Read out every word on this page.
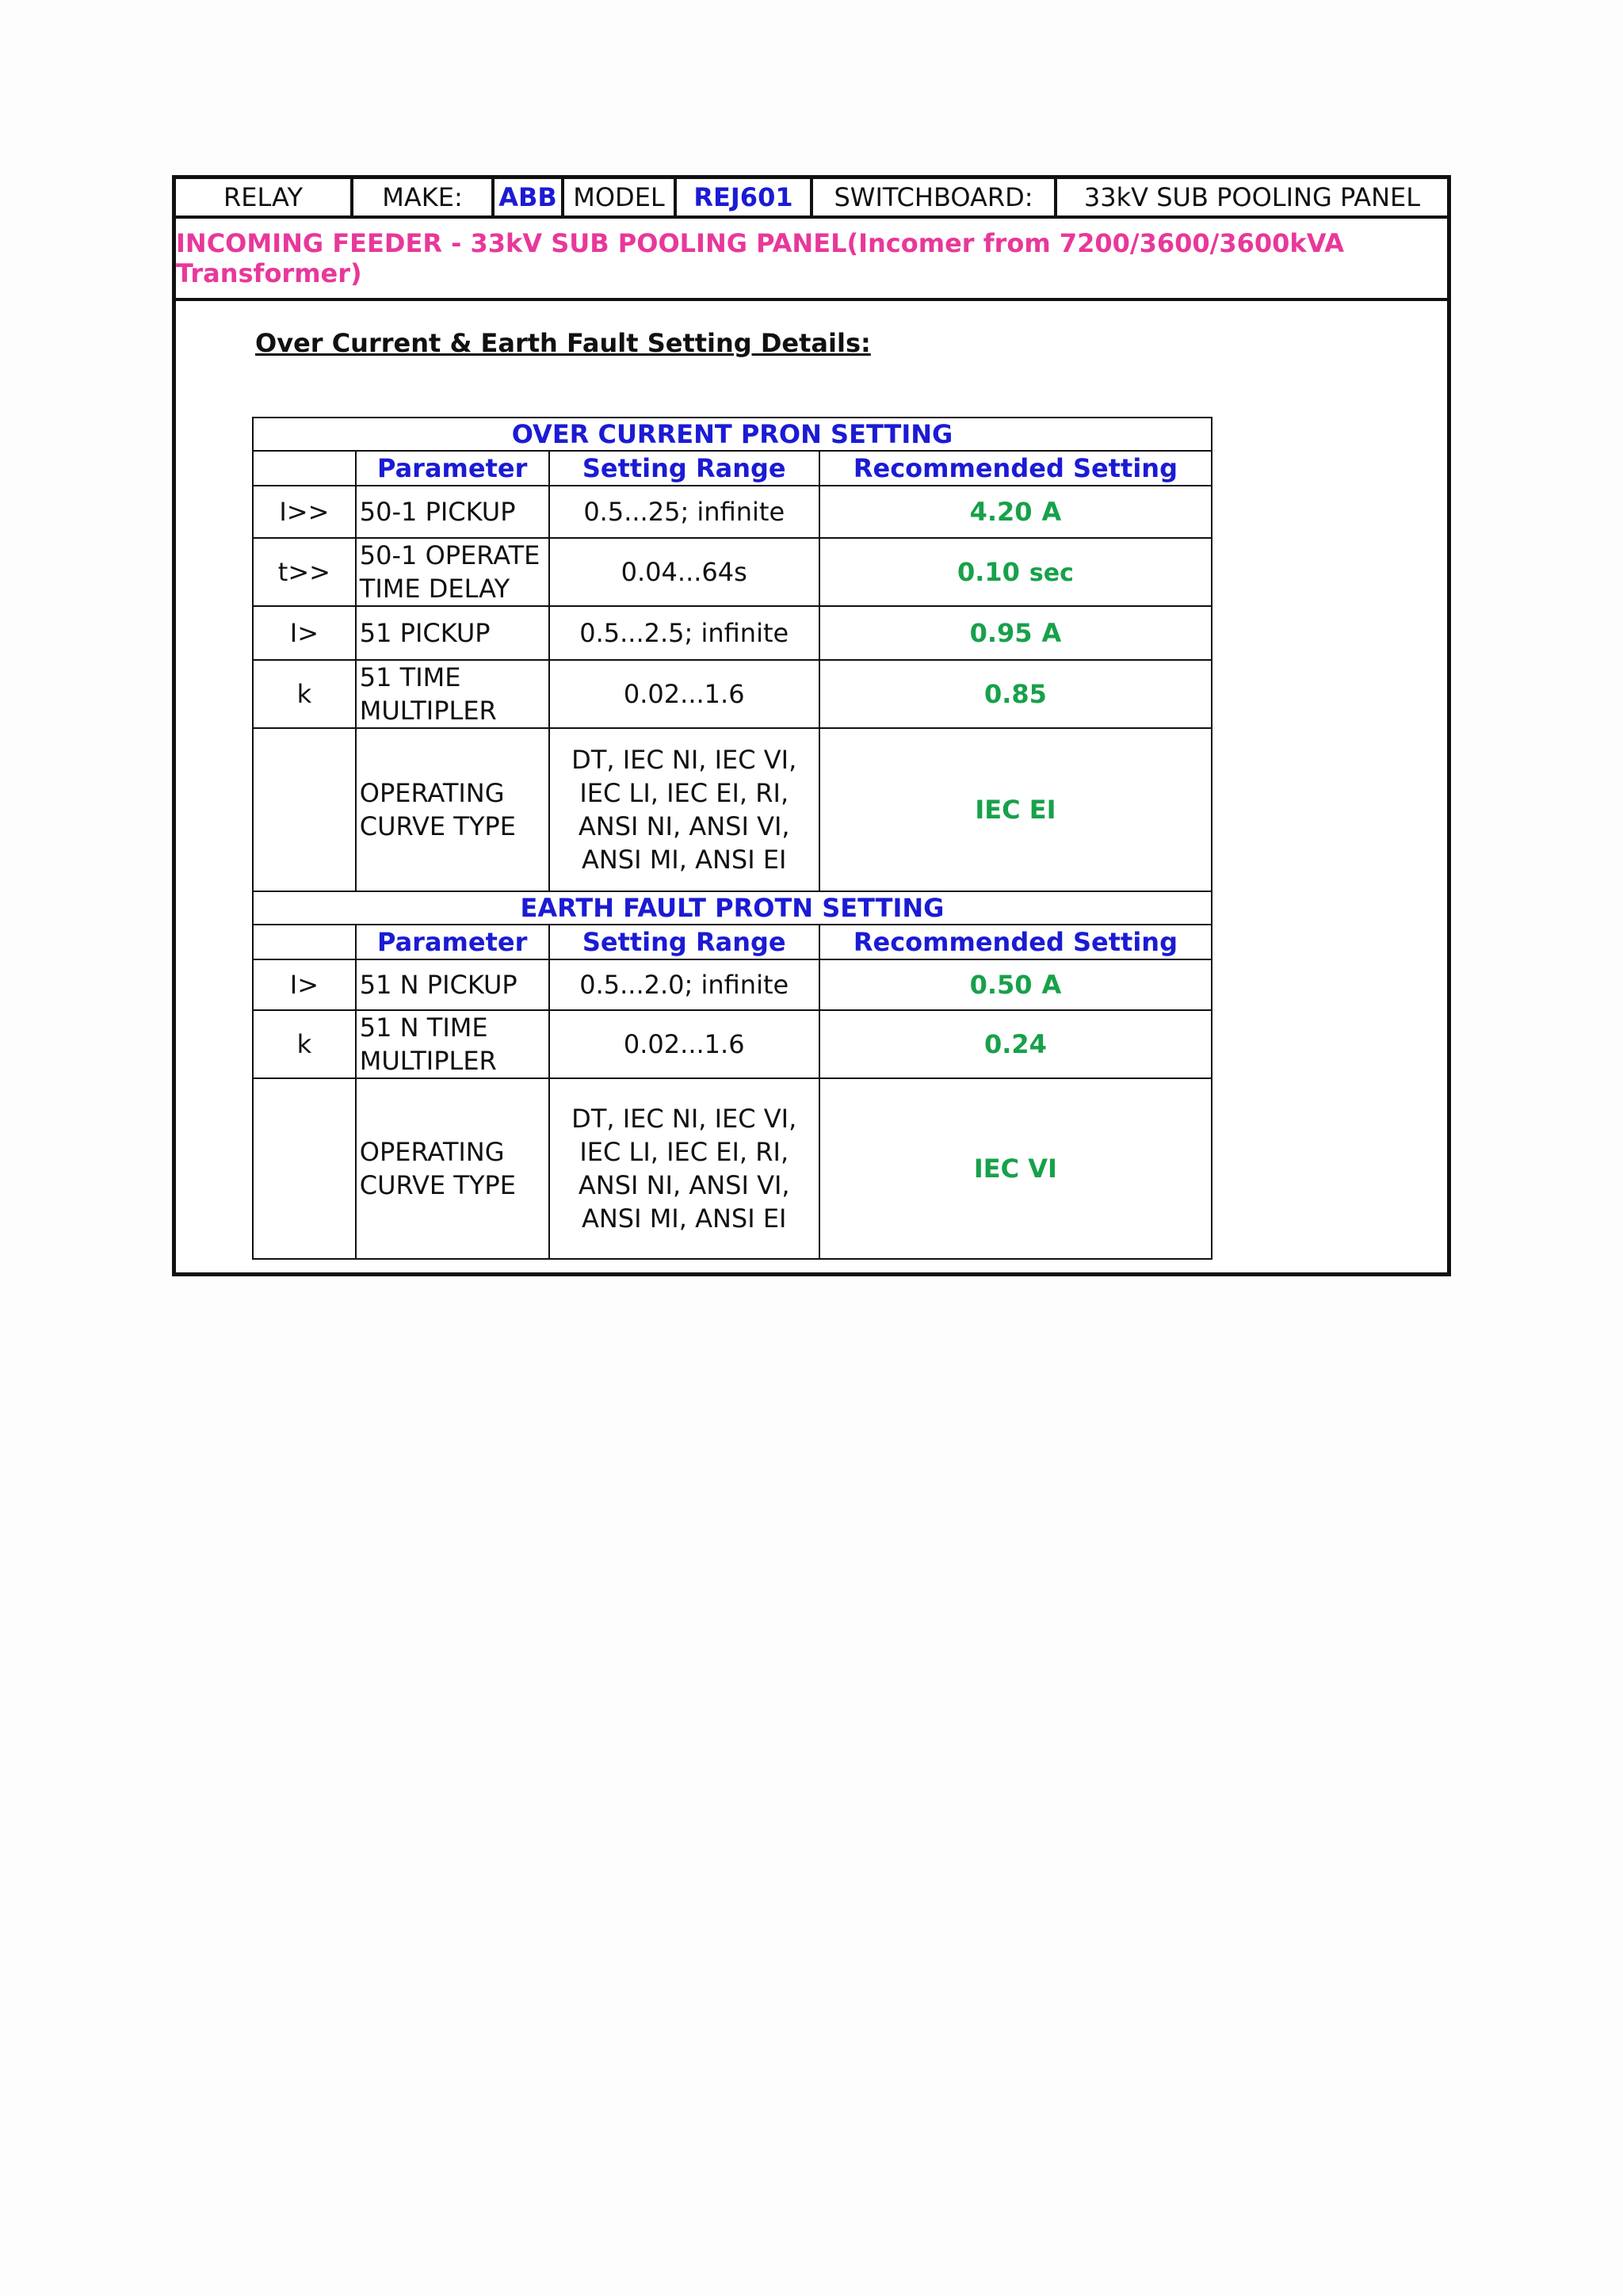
RELAY	MAKE:	ABB MODEL	REJ601	SWITCHBOARD:	33kV SUB POOLING PANEL
INCOMING FEEDER - 33kV SUB POOLING PANEL(Incomer from 7200/3600/3600kVA Transformer)
Over Current & Earth Fault Setting Details:
OVER CURRENT PRON SETTING			
	Parameter	Setting Range	Recommended Setting
I>>	50-1 PICKUP	0.5...25; infinite	4.20 A
t>>	50-1 OPERATE TIME DELAY	0.04...64s	0.10 sec
I>	51 PICKUP	0.5...2.5; infinite	0.95 A
k	51 TIME MULTIPLER	0.02...1.6	0.85
	OPERATING CURVE TYPE	DT, IEC NI, IEC VI, IEC LI, IEC EI, RI, ANSI NI, ANSI VI, ANSI MI, ANSI EI	IEC EI
EARTH FAULT PROTN SETTING			
	Parameter	Setting Range	Recommended Setting
I>	51 N PICKUP	0.5...2.0; infinite	0.50 A
k	51 N TIME MULTIPLER	0.02...1.6	0.24
	OPERATING CURVE TYPE	DT, IEC NI, IEC VI, IEC LI, IEC EI, RI, ANSI NI, ANSI VI, ANSI MI, ANSI EI	IEC VI
